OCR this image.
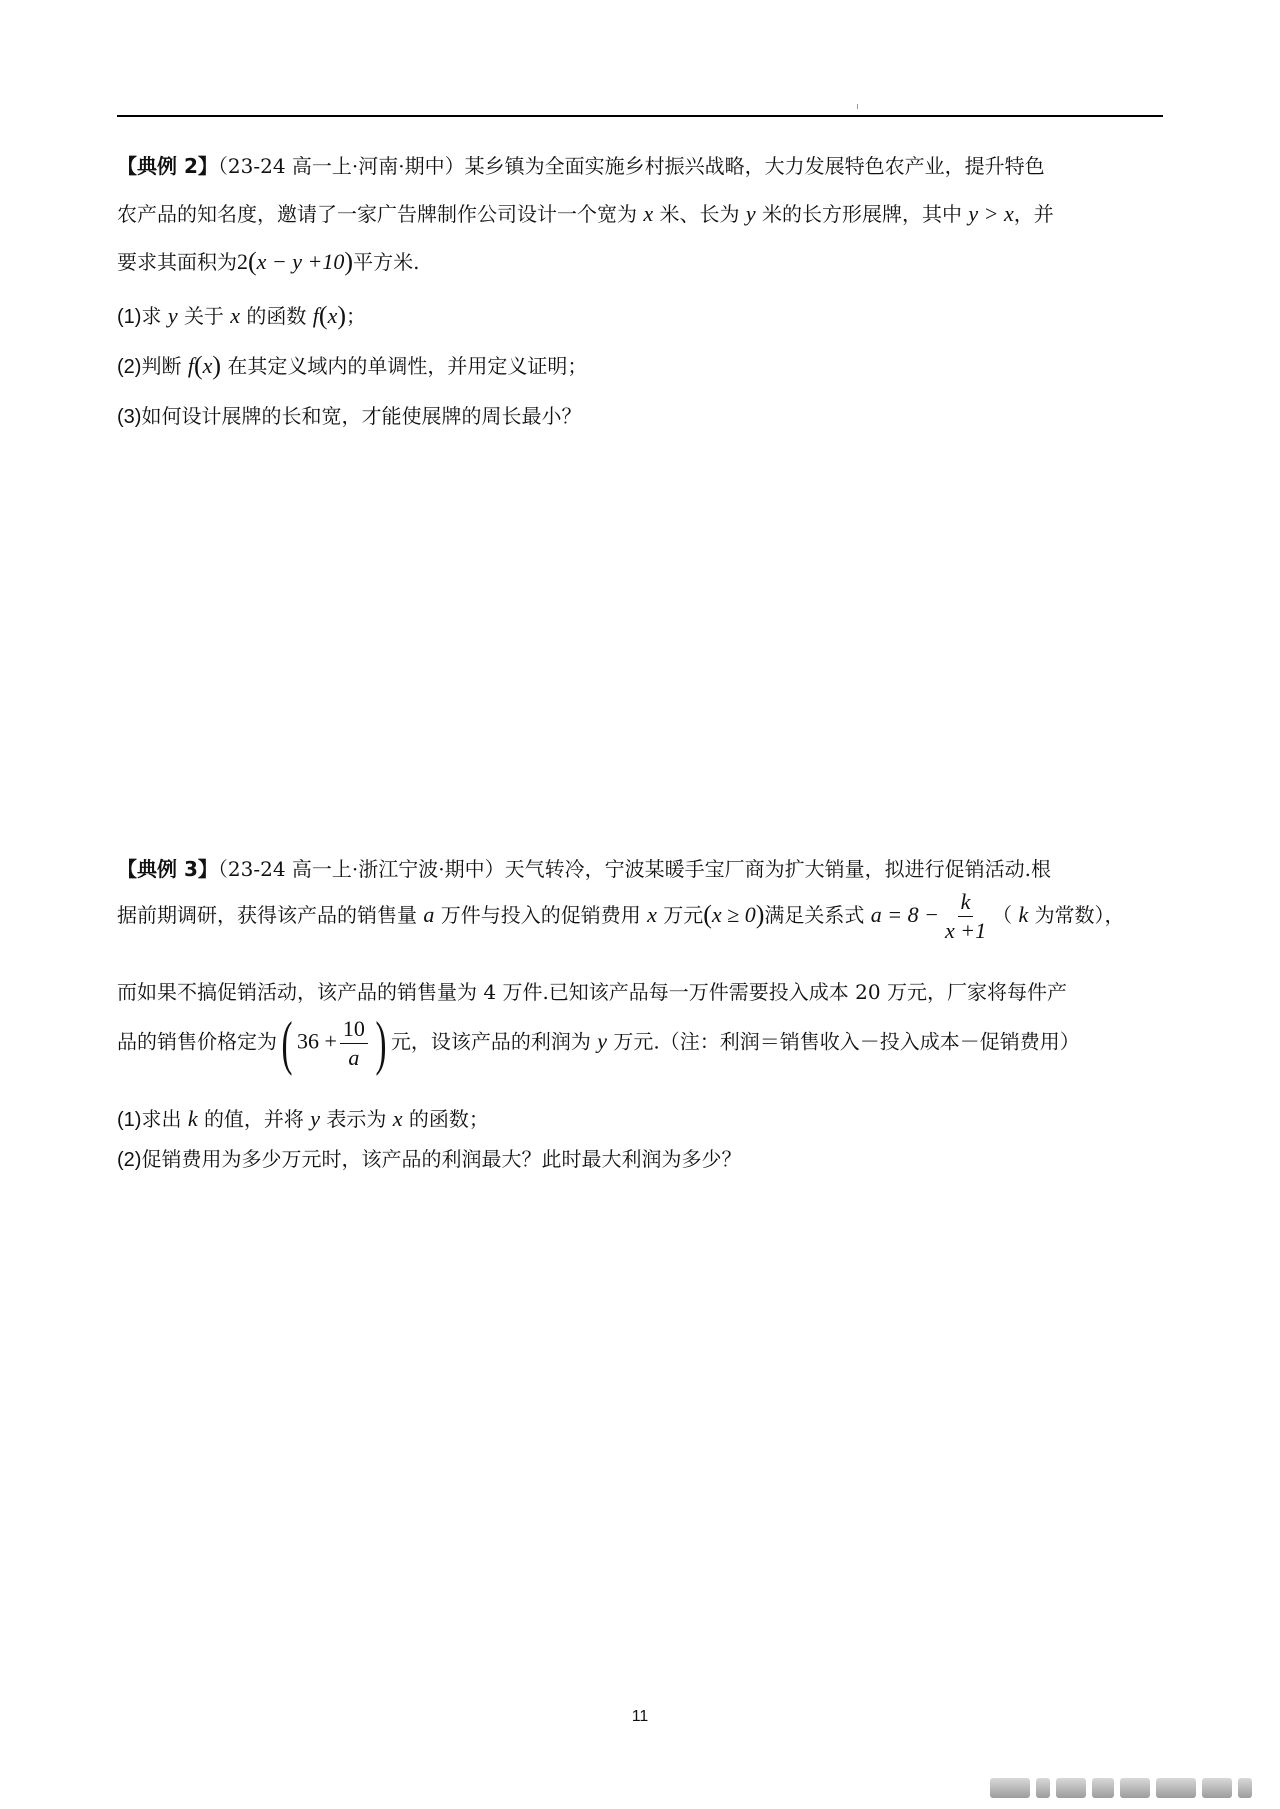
【典例 2】（23-24 高一上·河南·期中）某乡镇为全面实施乡村振兴战略，大力发展特色农产业，提升特色
农产品的知名度，邀请了一家广告牌制作公司设计一个宽为 x 米、长为 y 米的长方形展牌，其中 y > x，并
要求其面积为2(x − y +10)平方米.
(1)求 y 关于 x 的函数 f(x)；
(2)判断 f(x) 在其定义域内的单调性，并用定义证明；
(3)如何设计展牌的长和宽，才能使展牌的周长最小？
【典例 3】（23-24 高一上·浙江宁波·期中）天气转冷，宁波某暖手宝厂商为扩大销量，拟进行促销活动.根
据前期调研，获得该产品的销售量 a 万件与投入的促销费用 x 万元(x ≥ 0)满足关系式 $a = 8 - \frac{k}{x +1}$ （ k 为常数），
而如果不搞促销活动，该产品的销售量为 4 万件.已知该产品每一万件需要投入成本 20 万元，厂家将每件产
品的销售价格定为( $36 + \frac{10}{a}$ ) 元，设该产品的利润为 y 万元.（注：利润＝销售收入－投入成本－促销费用）
(1)求出 k 的值，并将 y 表示为 x 的函数；
(2)促销费用为多少万元时，该产品的利润最大？此时最大利润为多少？
11
